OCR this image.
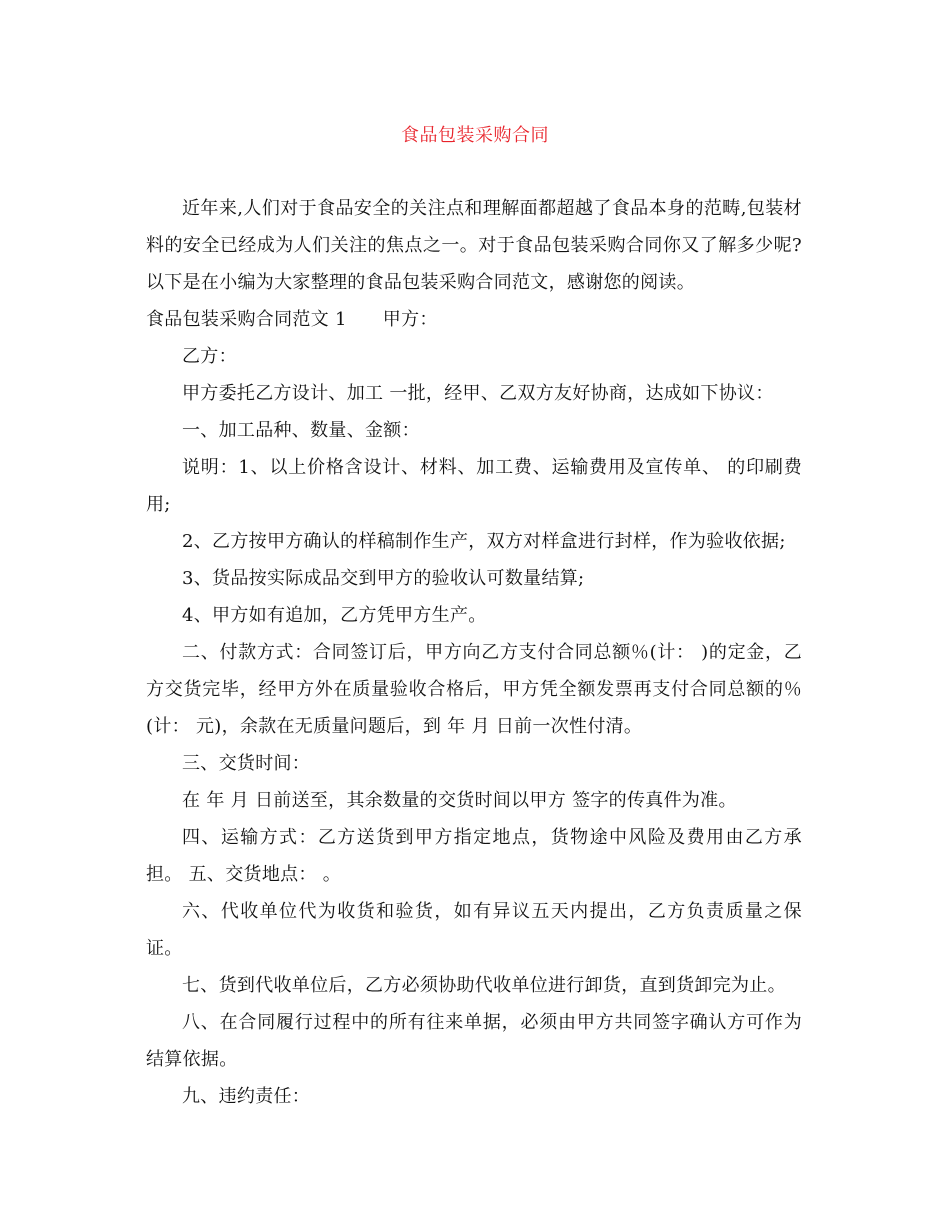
食品包装采购合同

近年来,人们对于食品安全的关注点和理解面都超越了食品本身的范畴,包装材料的安全已经成为人们关注的焦点之一。对于食品包装采购合同你又了解多少呢?以下是在小编为大家整理的食品包装采购合同范文，感谢您的阅读。

食品包装采购合同范文 1 甲方：

乙方：

甲方委托乙方设计、加工 一批，经甲、乙双方友好协商，达成如下协议：

一、加工品种、数量、金额：

说明：1、以上价格含设计、材料、加工费、运输费用及宣传单、 的印刷费用;

2、乙方按甲方确认的样稿制作生产，双方对样盒进行封样，作为验收依据;

3、货品按实际成品交到甲方的验收认可数量结算;

4、甲方如有追加，乙方凭甲方生产。

二、付款方式：合同签订后，甲方向乙方支付合同总额％(计： )的定金，乙方交货完毕，经甲方外在质量验收合格后，甲方凭全额发票再支付合同总额的％(计： 元)，余款在无质量问题后，到 年 月 日前一次性付清。

三、交货时间：

在 年 月 日前送至，其余数量的交货时间以甲方 签字的传真件为准。

四、运输方式：乙方送货到甲方指定地点，货物途中风险及费用由乙方承担。 五、交货地点： 。

六、代收单位代为收货和验货，如有异议五天内提出，乙方负责质量之保证。

七、货到代收单位后，乙方必须协助代收单位进行卸货，直到货卸完为止。

八、在合同履行过程中的所有往来单据，必须由甲方共同签字确认方可作为结算依据。

九、违约责任：
